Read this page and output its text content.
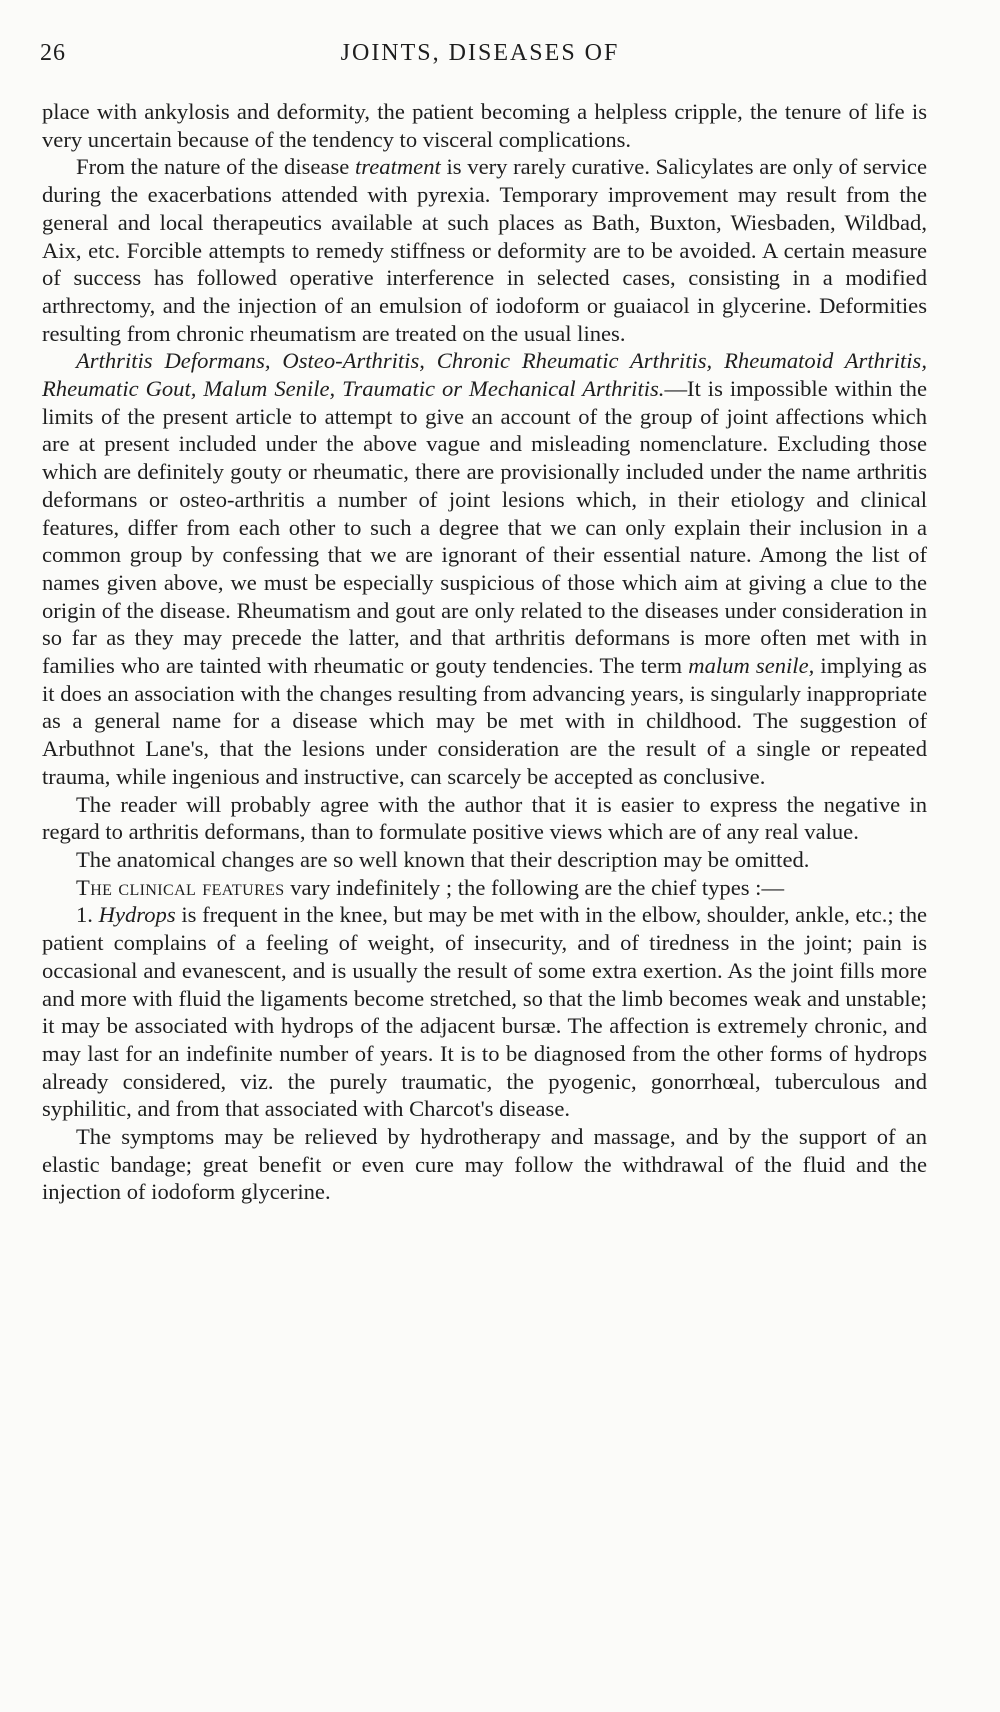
26	JOINTS, DISEASES OF

place with ankylosis and deformity, the patient becoming a helpless cripple, the tenure of life is very uncertain because of the tendency to visceral complications.

From the nature of the disease treatment is very rarely curative. Salicylates are only of service during the exacerbations attended with pyrexia. Temporary improvement may result from the general and local therapeutics available at such places as Bath, Buxton, Wiesbaden, Wildbad, Aix, etc. Forcible attempts to remedy stiffness or deformity are to be avoided. A certain measure of success has followed operative interference in selected cases, consisting in a modified arthrectomy, and the injection of an emulsion of iodoform or guaiacol in glycerine. Deformities resulting from chronic rheumatism are treated on the usual lines.

Arthritis Deformans, Osteo-Arthritis, Chronic Rheumatic Arthritis, Rheumatoid Arthritis, Rheumatic Gout, Malum Senile, Traumatic or Mechanical Arthritis.—It is impossible within the limits of the present article to attempt to give an account of the group of joint affections which are at present included under the above vague and misleading nomenclature. Excluding those which are definitely gouty or rheumatic, there are provisionally included under the name arthritis deformans or osteo-arthritis a number of joint lesions which, in their etiology and clinical features, differ from each other to such a degree that we can only explain their inclusion in a common group by confessing that we are ignorant of their essential nature. Among the list of names given above, we must be especially suspicious of those which aim at giving a clue to the origin of the disease. Rheumatism and gout are only related to the diseases under consideration in so far as they may precede the latter, and that arthritis deformans is more often met with in families who are tainted with rheumatic or gouty tendencies. The term malum senile, implying as it does an association with the changes resulting from advancing years, is singularly inappropriate as a general name for a disease which may be met with in childhood. The suggestion of Arbuthnot Lane's, that the lesions under consideration are the result of a single or repeated trauma, while ingenious and instructive, can scarcely be accepted as conclusive.

The reader will probably agree with the author that it is easier to express the negative in regard to arthritis deformans, than to formulate positive views which are of any real value.

The anatomical changes are so well known that their description may be omitted.

The clinical features vary indefinitely ; the following are the chief types :—

1. Hydrops is frequent in the knee, but may be met with in the elbow, shoulder, ankle, etc.; the patient complains of a feeling of weight, of insecurity, and of tiredness in the joint; pain is occasional and evanescent, and is usually the result of some extra exertion. As the joint fills more and more with fluid the ligaments become stretched, so that the limb becomes weak and unstable; it may be associated with hydrops of the adjacent bursæ. The affection is extremely chronic, and may last for an indefinite number of years. It is to be diagnosed from the other forms of hydrops already considered, viz. the purely traumatic, the pyogenic, gonorrhœal, tuberculous and syphilitic, and from that associated with Charcot's disease.

The symptoms may be relieved by hydrotherapy and massage, and by the support of an elastic bandage; great benefit or even cure may follow the withdrawal of the fluid and the injection of iodoform glycerine.
